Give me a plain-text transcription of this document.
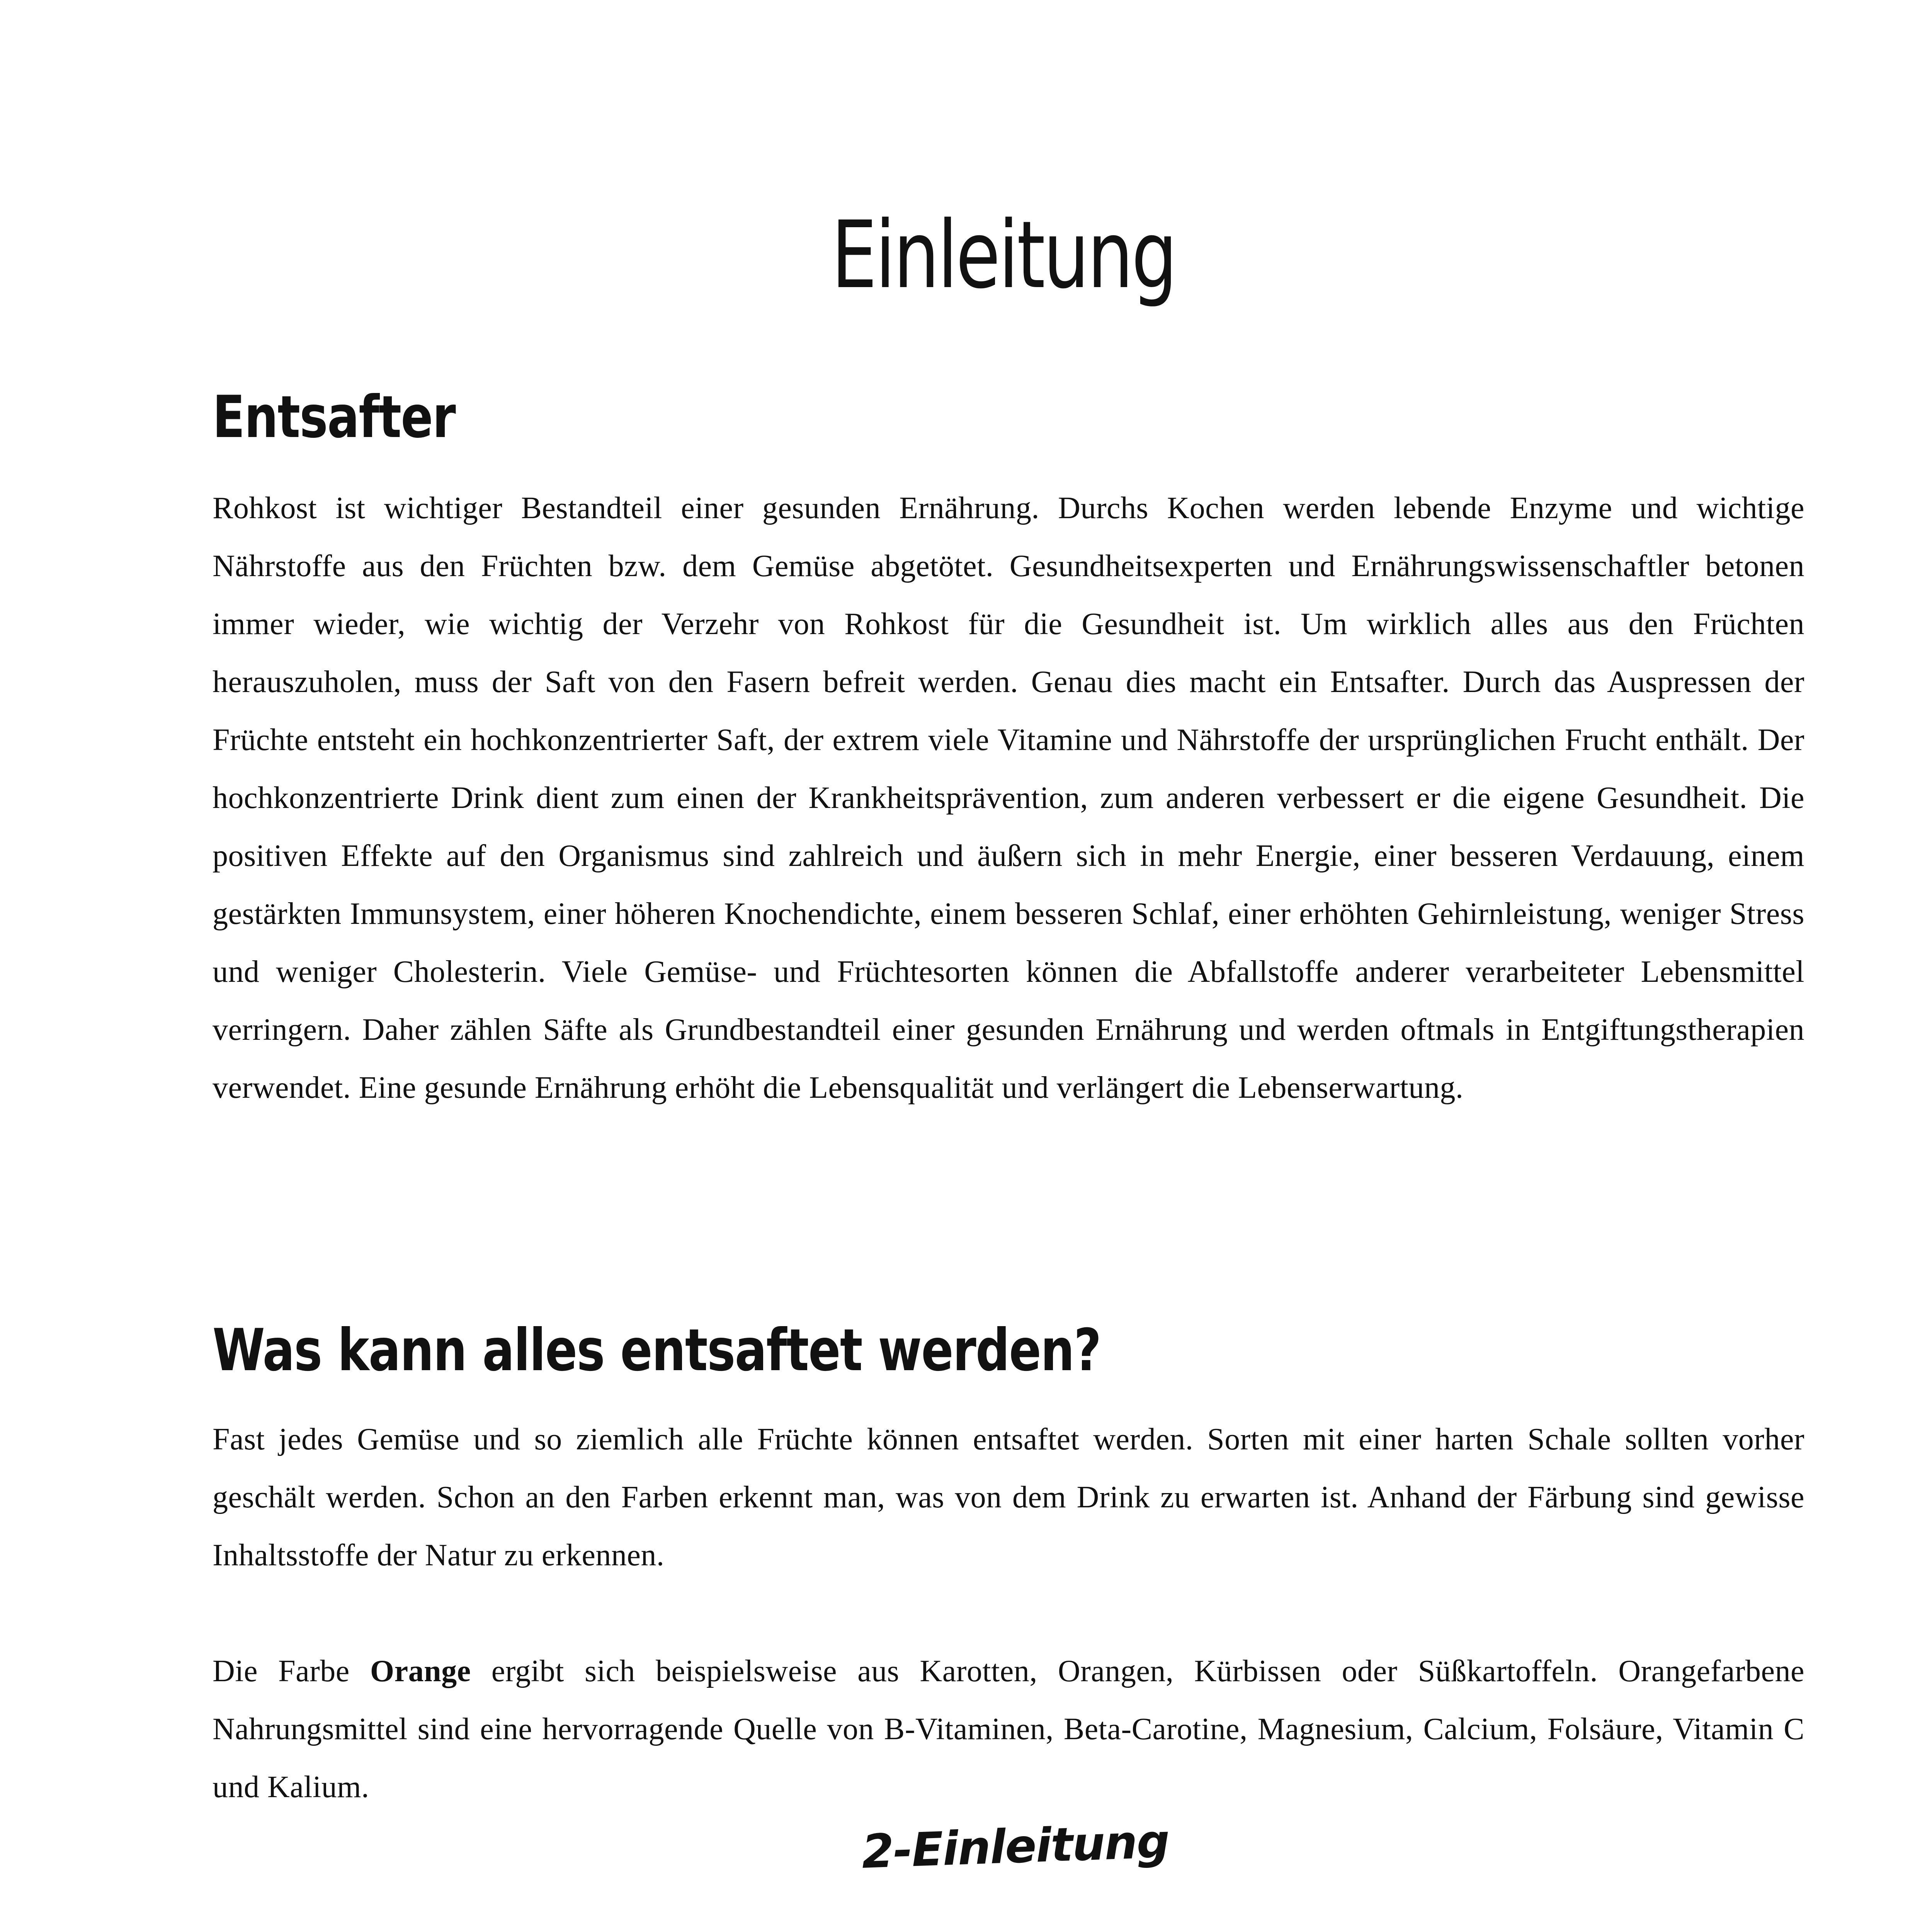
Einleitung
Entsafter

Rohkost ist wichtiger Bestandteil einer gesunden Ernährung. Durchs Kochen werden lebende Enzyme und wichtige Nährstoffe aus den Früchten bzw. dem Gemüse abgetötet. Gesundheitsexperten und Ernährungswissenschaftler betonen immer wieder, wie wichtig der Verzehr von Rohkost für die Gesundheit ist. Um wirklich alles aus den Früchten herauszuholen, muss der Saft von den Fasern befreit werden. Genau dies macht ein Entsafter. Durch das Auspressen der Früchte entsteht ein hochkonzentrierter Saft, der extrem viele Vitamine und Nährstoffe der ursprünglichen Frucht enthält. Der hochkonzentrierte Drink dient zum einen der Krankheitsprävention, zum anderen verbessert er die eigene Gesundheit. Die positiven Effekte auf den Organismus sind zahlreich und äußern sich in mehr Energie, einer besseren Verdauung, einem gestärkten Immunsystem, einer höheren Knochendichte, einem besseren Schlaf, einer erhöhten Gehirnleistung, weniger Stress und weniger Cholesterin. Viele Gemüse- und Früchtesorten können die Abfallstoffe anderer verarbeiteter Lebensmittel verringern. Daher zählen Säfte als Grundbestandteil einer gesunden Ernährung und werden oftmals in Entgiftungstherapien verwendet. Eine gesunde Ernährung erhöht die Lebensqualität und verlängert die Lebenserwartung.

Was kann alles entsaftet werden?

Fast jedes Gemüse und so ziemlich alle Früchte können entsaftet werden. Sorten mit einer harten Schale sollten vorher geschält werden. Schon an den Farben erkennt man, was von dem Drink zu erwarten ist. Anhand der Färbung sind gewisse Inhaltsstoffe der Natur zu erkennen.

Die Farbe Orange ergibt sich beispielsweise aus Karotten, Orangen, Kürbissen oder Süßkartoffeln. Orangefarbene Nahrungsmittel sind eine hervorragende Quelle von B-Vitaminen, Beta-Carotine, Magnesium, Calcium, Folsäure, Vitamin C und Kalium.

2-Einleitung
